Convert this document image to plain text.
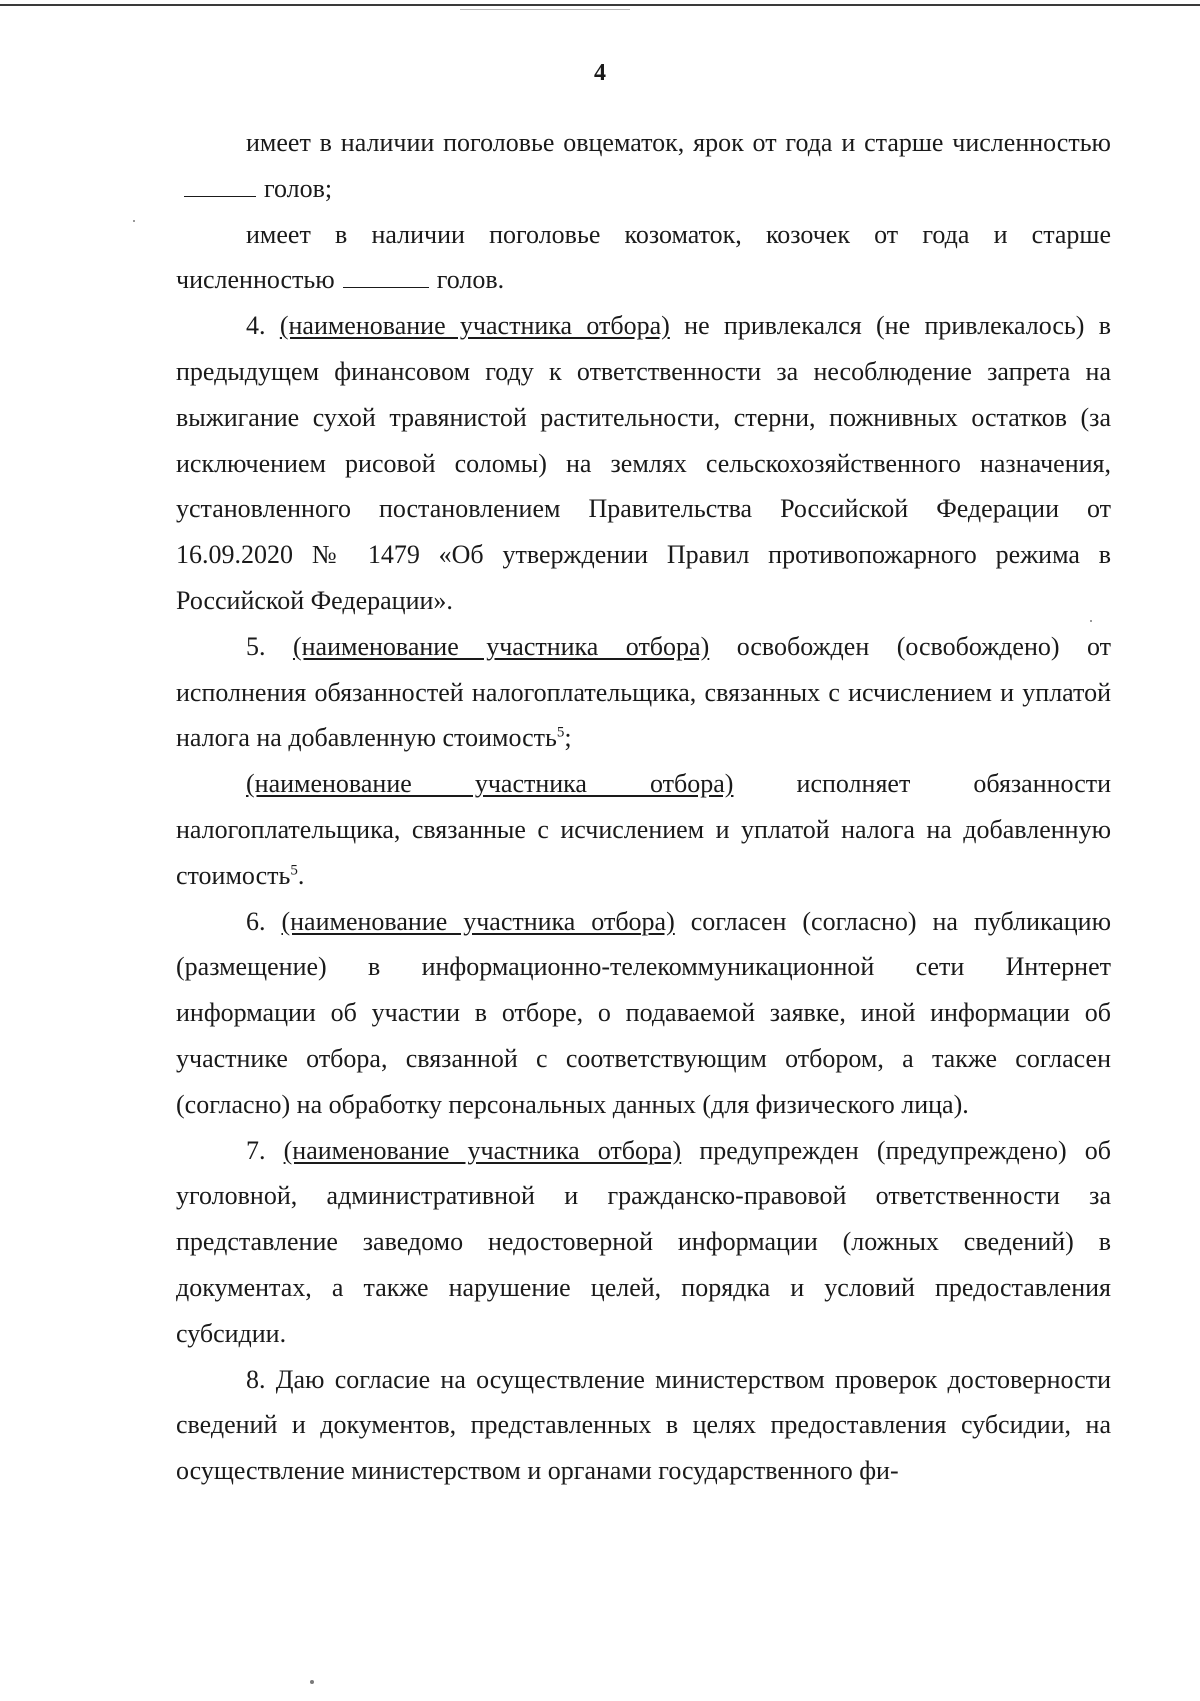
4

имеет в наличии поголовье овцематок, ярок от года и старше численностьюголов;

имеет в наличии поголовье козоматок, козочек от года и старше численностью	голов.

4. (наименование участника отбора) не привлекался (не привлекалось) в предыдущем финансовом году к ответственности за несоблюдение запрета на выжигание сухой травянистой растительности, стерни, пожнивных остатков (за исключением рисовой соломы) на землях сельскохозяйственного назначения, установленного постановлением Правительства Российской Федерации от 16.09.2020 № 1479 «Об утверждении Правил противопожарного режима в Российской Федерации».

5. (наименование участника отбора) освобожден (освобождено) от исполнения обязанностей налогоплательщика, связанных с исчислением и уплатой налога на добавленную стоимость$^5$;

(наименование участника отбора) исполняет обязанности налогоплательщика, связанные с исчислением и уплатой налога на добавленную стоимость$^5$.

6. (наименование участника отбора) согласен (согласно) на публикацию (размещение) в информационно-телекоммуникационной сети Интернет информации об участии в отборе, о подаваемой заявке, иной информации об участнике отбора, связанной с соответствующим отбором, а также согласен (согласно) на обработку персональных данных (для физического лица).

7. (наименование участника отбора) предупрежден (предупреждено) об уголовной, административной и гражданско-правовой ответственности за представление заведомо недостоверной информации (ложных сведений) в документах, а также нарушение целей, порядка и условий предоставления субсидии.

8. Даю согласие на осуществление министерством проверок достоверности сведений и документов, представленных в целях предоставления субсидии, на осуществление министерством и органами государственного фи-
